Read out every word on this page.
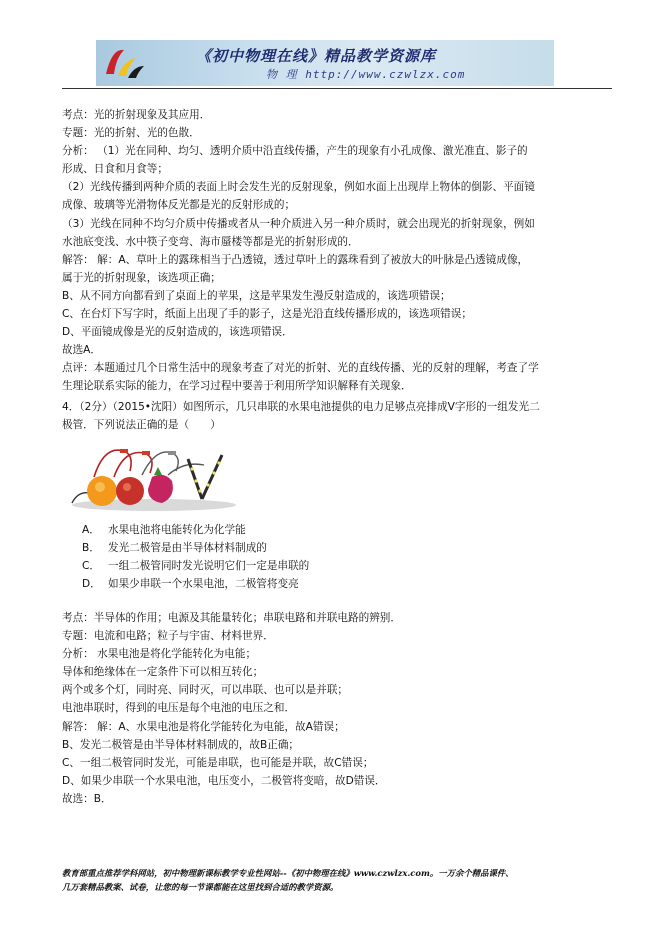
《初中物理在线》精品教学资源库
物 理 http://www.czwlzx.com

考点：光的折射现象及其应用．

专题：光的折射、光的色散．

分析： （1）光在同种、均匀、透明介质中沿直线传播，产生的现象有小孔成像、激光准直、影子的

形成、日食和月食等；

（2）光线传播到两种介质的表面上时会发生光的反射现象，例如水面上出现岸上物体的倒影、平面镜

成像、玻璃等光滑物体反光都是光的反射形成的；

（3）光线在同种不均匀介质中传播或者从一种介质进入另一种介质时，就会出现光的折射现象，例如

水池底变浅、水中筷子变弯、海市蜃楼等都是光的折射形成的．

解答： 解：A、草叶上的露珠相当于凸透镜，透过草叶上的露珠看到了被放大的叶脉是凸透镜成像，

属于光的折射现象，该选项正确；

B、从不同方向都看到了桌面上的苹果，这是苹果发生漫反射造成的，该选项错误；

C、在台灯下写字时，纸面上出现了手的影子，这是光沿直线传播形成的，该选项错误；

D、平面镜成像是光的反射造成的，该选项错误．

故选A．

点评：本题通过几个日常生活中的现象考查了对光的折射、光的直线传播、光的反射的理解，考查了学

生理论联系实际的能力，在学习过程中要善于利用所学知识解释有关现象．

4．（2分）（2015•沈阳）如图所示，几只串联的水果电池提供的电力足够点亮排成V字形的一组发光二

极管．下列说法正确的是（　　）

A． 水果电池将电能转化为化学能

B． 发光二极管是由半导体材料制成的

C． 一组二极管同时发光说明它们一定是串联的

D． 如果少串联一个水果电池，二极管将变亮

考点：半导体的作用；电源及其能量转化；串联电路和并联电路的辨别．

专题：电流和电路；粒子与宇宙、材料世界．

分析： 水果电池是将化学能转化为电能；

导体和绝缘体在一定条件下可以相互转化；

两个或多个灯，同时亮、同时灭，可以串联、也可以是并联；

电池串联时，得到的电压是每个电池的电压之和．

解答： 解：A、水果电池是将化学能转化为电能，故A错误；

B、发光二极管是由半导体材料制成的，故B正确；

C、一组二极管同时发光，可能是串联，也可能是并联，故C错误；

D、如果少串联一个水果电池，电压变小，二极管将变暗，故D错误．

故选：B．

教育部重点推荐学科网站，初中物理新课标教学专业性网站--《初中物理在线》www.czwlzx.com。一万余个精品课件、

几万套精品教案、试卷，让您的每一节课都能在这里找到合适的教学资源。
